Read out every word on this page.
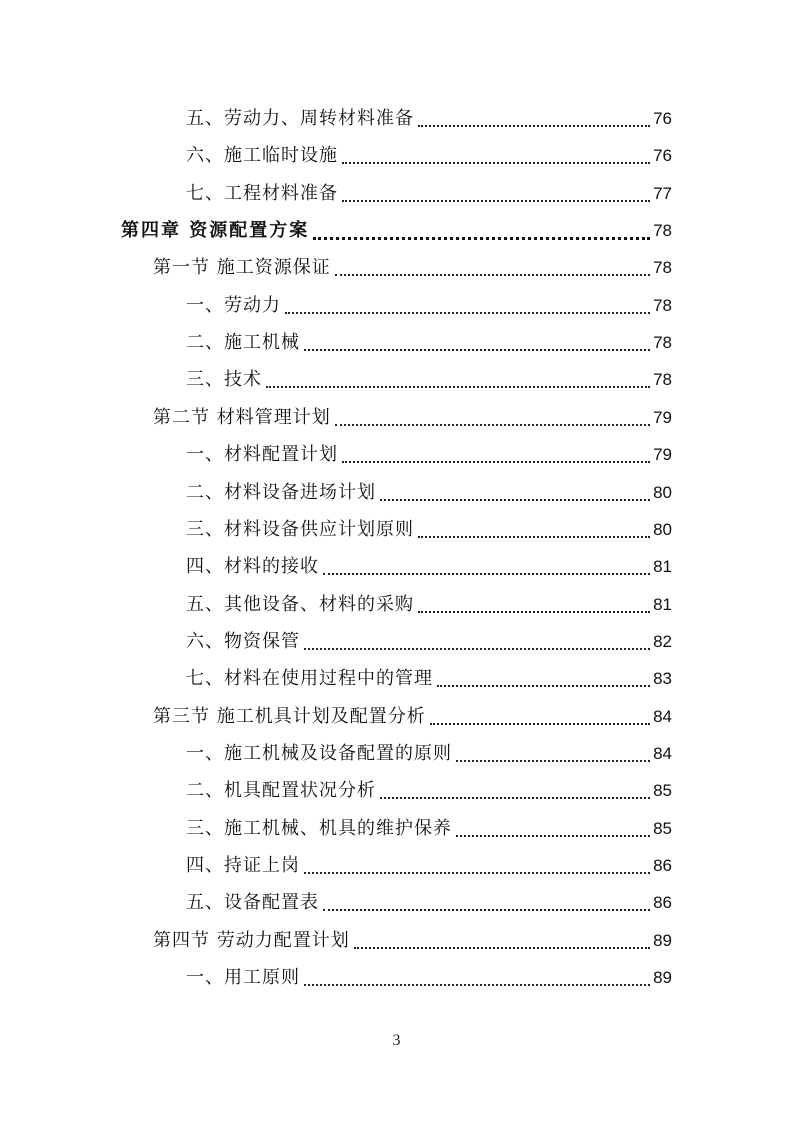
五、劳动力、周转材料准备	76
六、施工临时设施	76
七、工程材料准备	77
第四章 资源配置方案	78
第一节 施工资源保证	78
一、劳动力	78
二、施工机械	78
三、技术	78
第二节 材料管理计划	79
一、材料配置计划	79
二、材料设备进场计划	80
三、材料设备供应计划原则	80
四、材料的接收	81
五、其他设备、材料的采购	81
六、物资保管	82
七、材料在使用过程中的管理	83
第三节 施工机具计划及配置分析	84
一、施工机械及设备配置的原则	84
二、机具配置状况分析	85
三、施工机械、机具的维护保养	85
四、持证上岗	86
五、设备配置表	86
第四节 劳动力配置计划	89
一、用工原则	89
3
